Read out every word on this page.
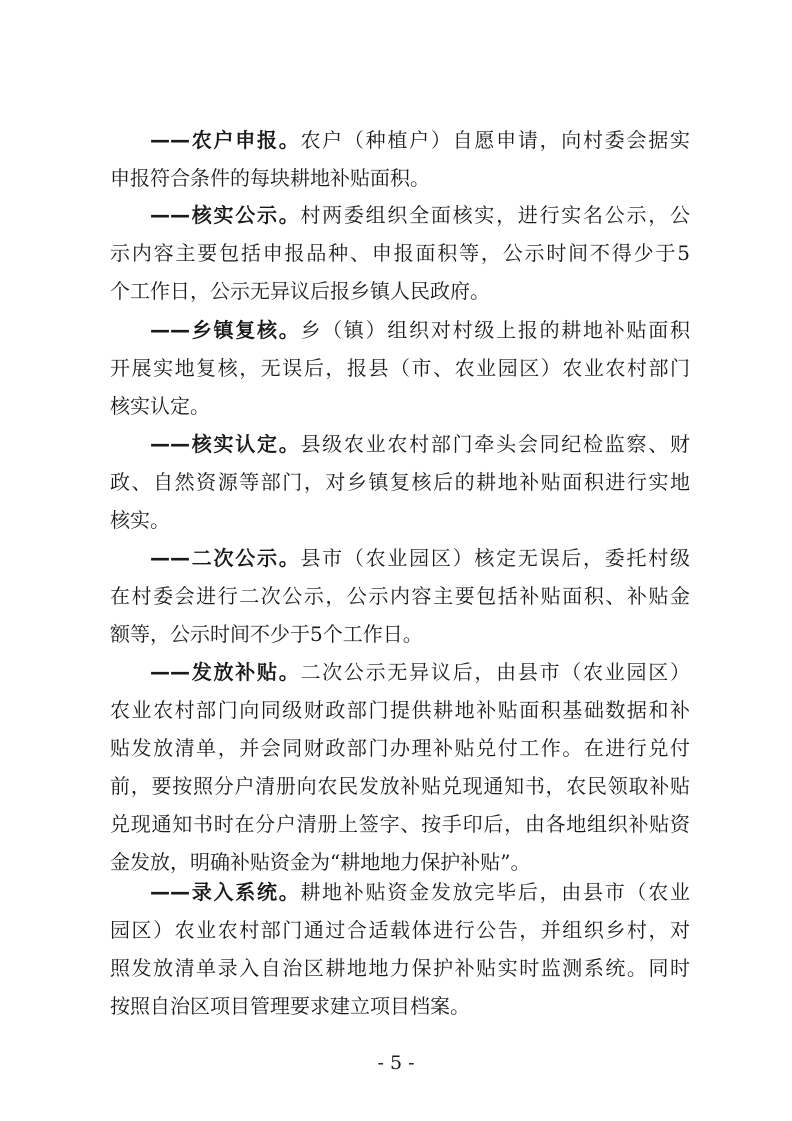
——农户申报。农户（种植户）自愿申请，向村委会据实
申报符合条件的每块耕地补贴面积。
——核实公示。村两委组织全面核实，进行实名公示，公
示内容主要包括申报品种、申报面积等，公示时间不得少于5
个工作日，公示无异议后报乡镇人民政府。
——乡镇复核。乡（镇）组织对村级上报的耕地补贴面积
开展实地复核，无误后，报县（市、农业园区）农业农村部门
核实认定。
——核实认定。县级农业农村部门牵头会同纪检监察、财
政、自然资源等部门，对乡镇复核后的耕地补贴面积进行实地
核实。
——二次公示。县市（农业园区）核定无误后，委托村级
在村委会进行二次公示，公示内容主要包括补贴面积、补贴金
额等，公示时间不少于5个工作日。
——发放补贴。二次公示无异议后，由县市（农业园区）
农业农村部门向同级财政部门提供耕地补贴面积基础数据和补
贴发放清单，并会同财政部门办理补贴兑付工作。在进行兑付
前，要按照分户清册向农民发放补贴兑现通知书，农民领取补贴
兑现通知书时在分户清册上签字、按手印后，由各地组织补贴资
金发放，明确补贴资金为“耕地地力保护补贴”。
——录入系统。耕地补贴资金发放完毕后，由县市（农业
园区）农业农村部门通过合适载体进行公告，并组织乡村，对
照发放清单录入自治区耕地地力保护补贴实时监测系统。同时
按照自治区项目管理要求建立项目档案。
- 5 -
